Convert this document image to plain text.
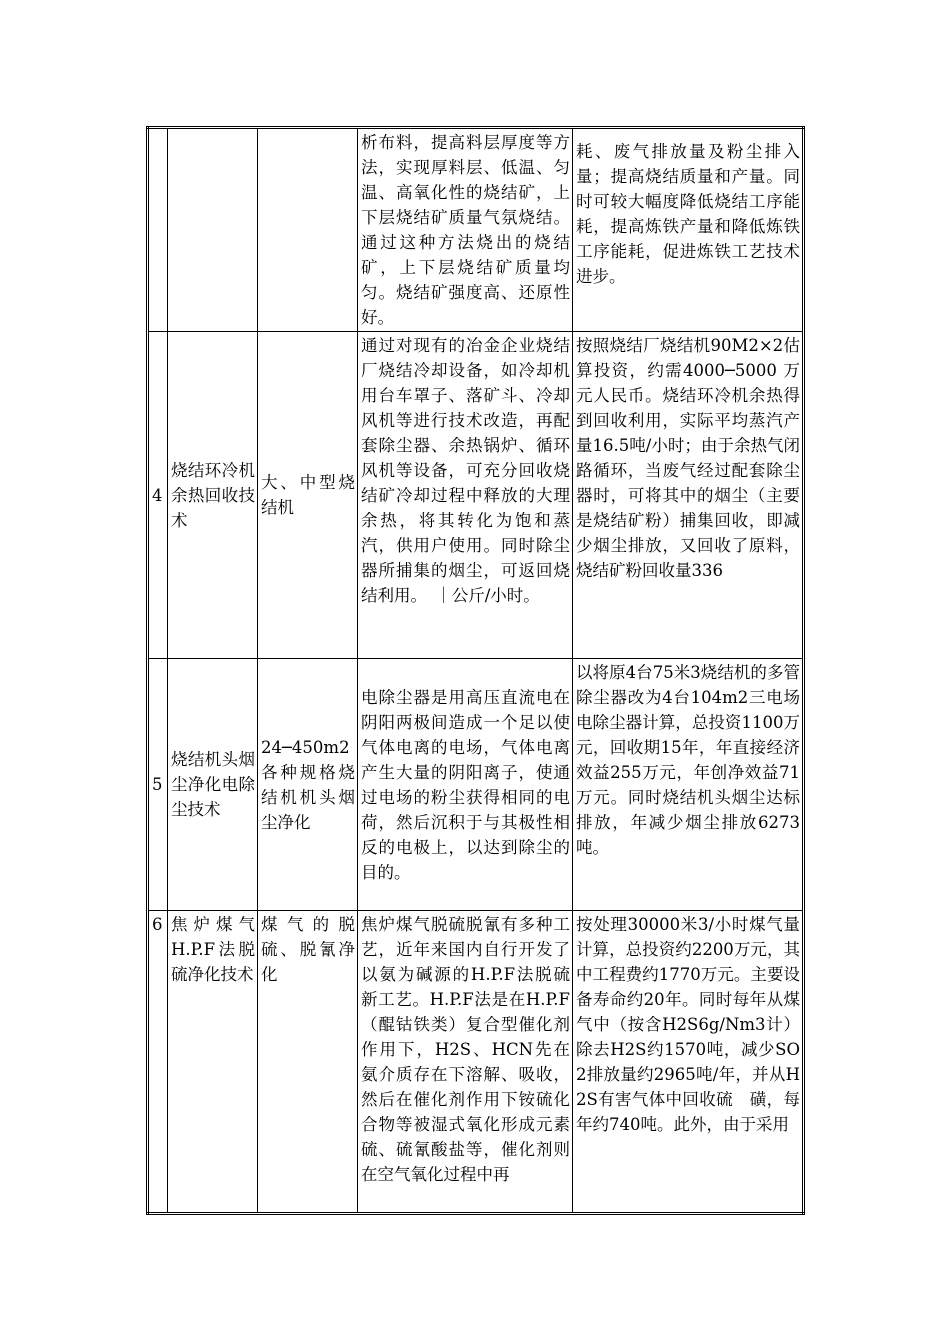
			析布料，提高料层厚度等方法，实现厚料层、低温、匀温、高氧化性的烧结矿，上下层烧结矿质量气氛烧结。通过这种方法烧出的烧结矿，上下层烧结矿质量均匀。烧结矿强度高、还原性好。	耗、废气排放量及粉尘排入量；提高烧结质量和产量。同时可较大幅度降低烧结工序能耗，提高炼铁产量和降低炼铁工序能耗，促进炼铁工艺技术进步。
4	烧结环冷机余热回收技术	大、中型烧结机	通过对现有的冶金企业烧结厂烧结冷却设备，如冷却机用台车罩子、落矿斗、冷却风机等进行技术改造，再配套除尘器、余热锅炉、循环风机等设备，可充分回收烧结矿冷却过程中释放的大理余热，将其转化为饱和蒸汽，供用户使用。同时除尘器所捕集的烟尘，可返回烧结利用。　｜公斤/小时。	按照烧结厂烧结机90M2×2估算投资，约需4000─5000 万元人民币。烧结环冷机余热得到回收利用，实际平均蒸汽产量16.5吨/小时；由于余热气闭路循环，当废气经过配套除尘器时，可将其中的烟尘（主要是烧结矿粉）捕集回收，即减少烟尘排放，又回收了原料，烧结矿粉回收量336
5	烧结机头烟尘净化电除尘技术	24─450m2各种规格烧结机机头烟尘净化	电除尘器是用高压直流电在阴阳两极间造成一个足以使气体电离的电场，气体电离产生大量的阴阳离子，使通过电场的粉尘获得相同的电荷，然后沉积于与其极性相反的电极上，以达到除尘的目的。	以将原4台75米3烧结机的多管除尘器改为4台104m2三电场电除尘器计算，总投资1100万元，回收期15年，年直接经济效益255万元，年创净效益71万元。同时烧结机头烟尘达标排放，年减少烟尘排放6273吨。
6	焦炉煤气H.P.F法脱硫净化技术	煤气的脱硫、脱氰净化	焦炉煤气脱硫脱氰有多种工艺，近年来国内自行开发了以氨为碱源的H.P.F法脱硫新工艺。H.P.F法是在H.P.F（醌钴铁类）复合型催化剂作用下，H2S、HCN先在氨介质存在下溶解、吸收，然后在催化剂作用下铵硫化合物等被湿式氧化形成元素硫、硫氰酸盐等，催化剂则在空气氧化过程中再	按处理30000米3/小时煤气量计算，总投资约2200万元，其中工程费约1770万元。主要设备寿命约20年。同时每年从煤气中（按含H2S6g/Nm3计）除去H2S约1570吨，减少SO2排放量约2965吨/年，并从H2S有害气体中回收硫　磺，每年约740吨。此外，由于采用
